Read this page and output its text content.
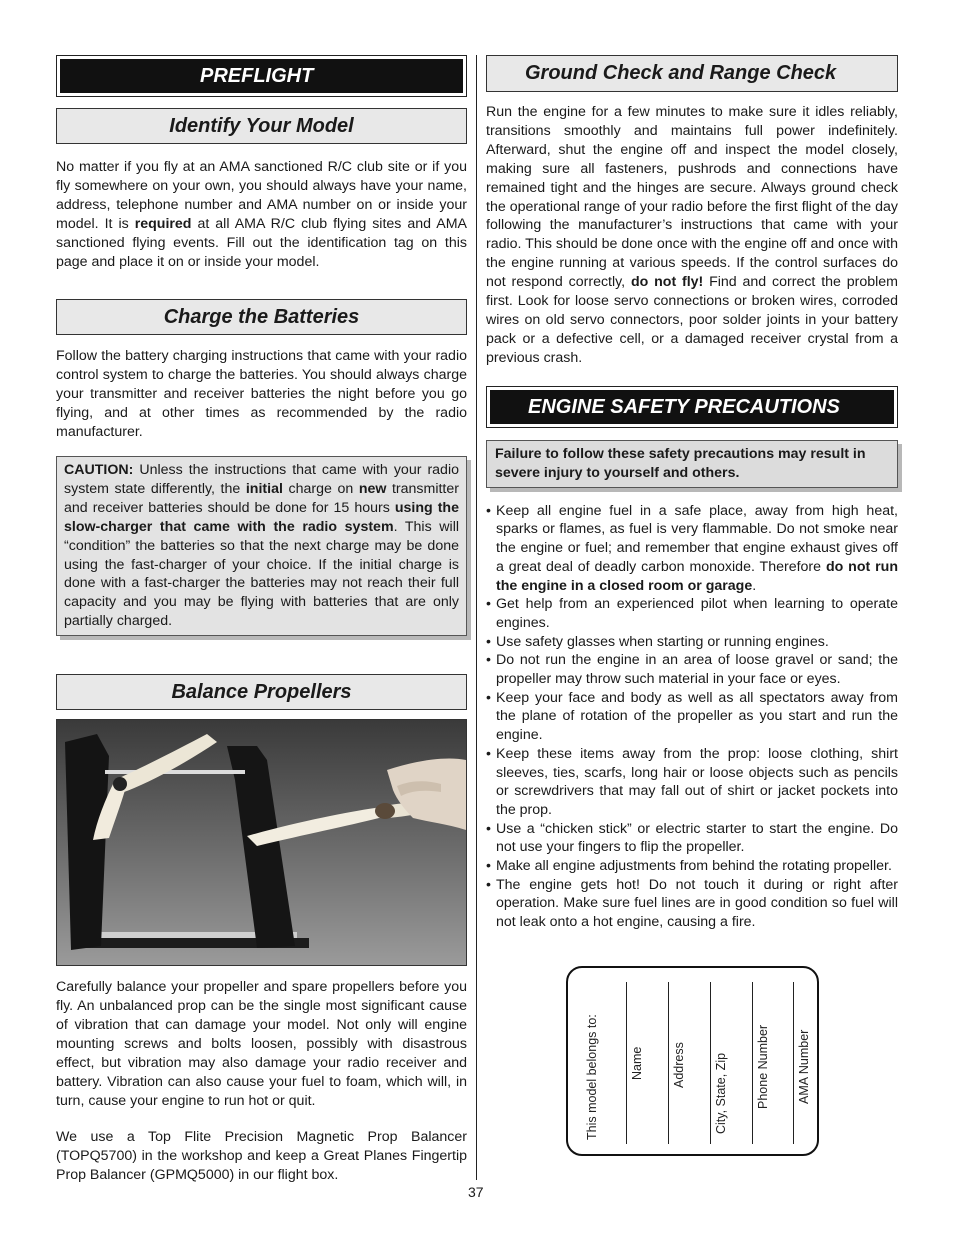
PREFLIGHT
Identify Your Model

No matter if you fly at an AMA sanctioned R/C club site or if you fly somewhere on your own, you should always have your name, address, telephone number and AMA number on or inside your model. It is required at all AMA R/C club flying sites and AMA sanctioned flying events. Fill out the identification tag on this page and place it on or inside your model.

Charge the Batteries

Follow the battery charging instructions that came with your radio control system to charge the batteries. You should always charge your transmitter and receiver batteries the night before you go flying, and at other times as recommended by the radio manufacturer.

CAUTION: Unless the instructions that came with your radio system state differently, the initial charge on new transmitter and receiver batteries should be done for 15 hours using the slow-charger that came with the radio system. This will “condition” the batteries so that the next charge may be done using the fast-charger of your choice. If the initial charge is done with a fast-charger the batteries may not reach their full capacity and you may be flying with batteries that are only partially charged.
Balance Propellers

Carefully balance your propeller and spare propellers before you fly. An unbalanced prop can be the single most significant cause of vibration that can damage your model. Not only will engine mounting screws and bolts loosen, possibly with disastrous effect, but vibration may also damage your radio receiver and battery. Vibration can also cause your fuel to foam, which will, in turn, cause your engine to run hot or quit.

We use a Top Flite Precision Magnetic Prop Balancer (TOPQ5700) in the workshop and keep a Great Planes Fingertip Prop Balancer (GPMQ5000) in our flight box.

Ground Check and Range Check

Run the engine for a few minutes to make sure it idles reliably, transitions smoothly and maintains full power indefinitely. Afterward, shut the engine off and inspect the model closely, making sure all fasteners, pushrods and connections have remained tight and the hinges are secure. Always ground check the operational range of your radio before the first flight of the day following the manufacturer’s instructions that came with your radio. This should be done once with the engine off and once with the engine running at various speeds. If the control surfaces do not respond correctly, do not fly! Find and correct the problem first. Look for loose servo connections or broken wires, corroded wires on old servo connectors, poor solder joints in your battery pack or a defective cell, or a damaged receiver crystal from a previous crash.

ENGINE SAFETY PRECAUTIONS
Failure to follow these safety precautions may result in severe injury to yourself and others.
• Keep all engine fuel in a safe place, away from high heat, sparks or flames, as fuel is very flammable. Do not smoke near the engine or fuel; and remember that engine exhaust gives off a great deal of deadly carbon monoxide. Therefore do not run the engine in a closed room or garage.
• Get help from an experienced pilot when learning to operate engines.
• Use safety glasses when starting or running engines.
• Do not run the engine in an area of loose gravel or sand; the propeller may throw such material in your face or eyes.
• Keep your face and body as well as all spectators away from the plane of rotation of the propeller as you start and run the engine.
• Keep these items away from the prop: loose clothing, shirt sleeves, ties, scarfs, long hair or loose objects such as pencils or screwdrivers that may fall out of shirt or jacket pockets into the prop.
• Use a “chicken stick” or electric starter to start the engine. Do not use your fingers to flip the propeller.
• Make all engine adjustments from behind the rotating propeller.
• The engine gets hot! Do not touch it during or right after operation. Make sure fuel lines are in good condition so fuel will not leak onto a hot engine, causing a fire.
This model belongs to: Name Address City, State, Zip Phone Number AMA Number
37
